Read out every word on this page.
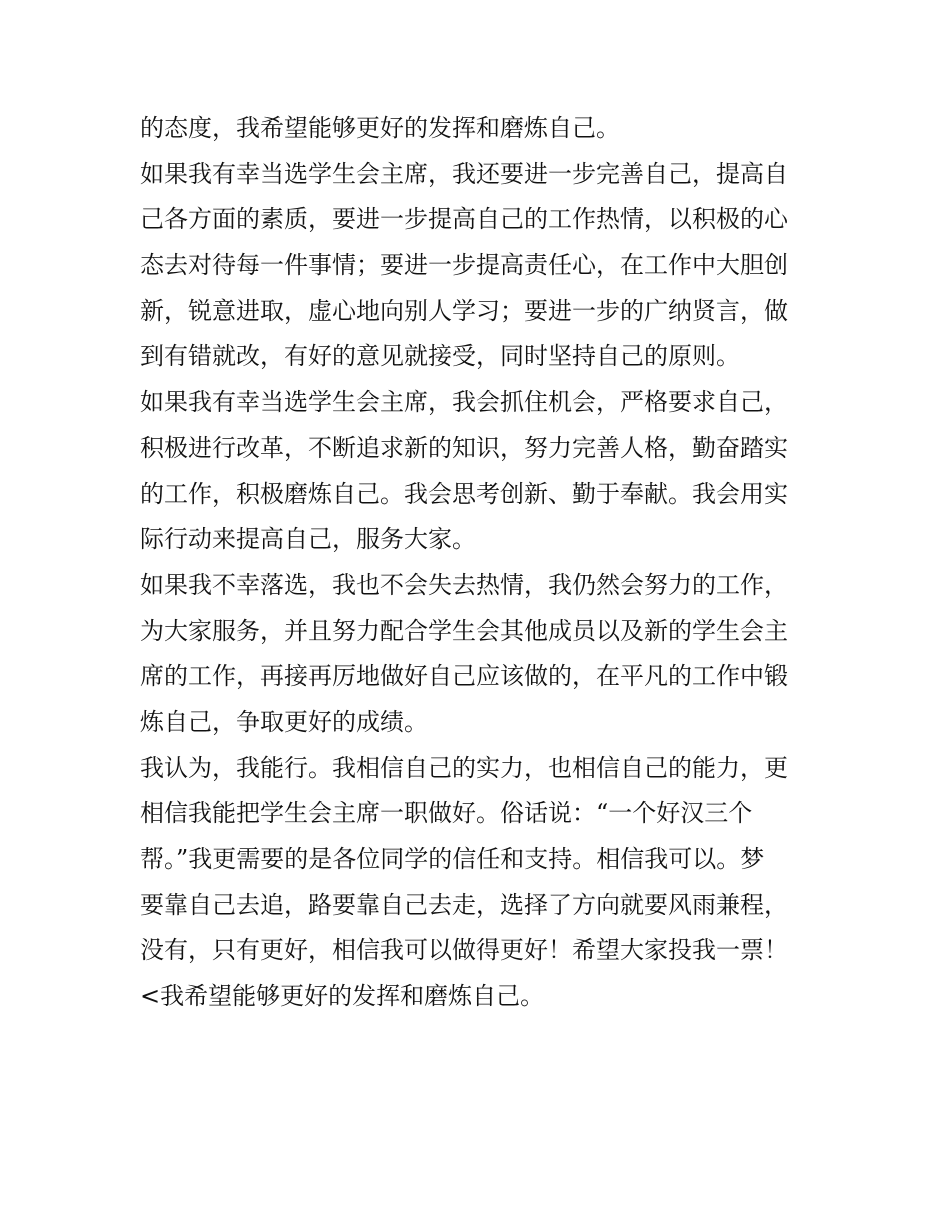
的态度，我希望能够更好的发挥和磨炼自己。
如果我有幸当选学生会主席，我还要进一步完善自己，提高自
己各方面的素质，要进一步提高自己的工作热情，以积极的心
态去对待每一件事情；要进一步提高责任心，在工作中大胆创
新，锐意进取，虚心地向别人学习；要进一步的广纳贤言，做
到有错就改，有好的意见就接受，同时坚持自己的原则。
如果我有幸当选学生会主席，我会抓住机会，严格要求自己，
积极进行改革，不断追求新的知识，努力完善人格，勤奋踏实
的工作，积极磨炼自己。我会思考创新、勤于奉献。我会用实
际行动来提高自己，服务大家。
如果我不幸落选，我也不会失去热情，我仍然会努力的工作，
为大家服务，并且努力配合学生会其他成员以及新的学生会主
席的工作，再接再厉地做好自己应该做的，在平凡的工作中锻
炼自己，争取更好的成绩。
我认为，我能行。我相信自己的实力，也相信自己的能力，更
相信我能把学生会主席一职做好。俗话说：“一个好汉三个
帮。”我更需要的是各位同学的信任和支持。相信我可以。梦
要靠自己去追，路要靠自己去走，选择了方向就要风雨兼程，
没有，只有更好，相信我可以做得更好！希望大家投我一票！
<我希望能够更好的发挥和磨炼自己。
